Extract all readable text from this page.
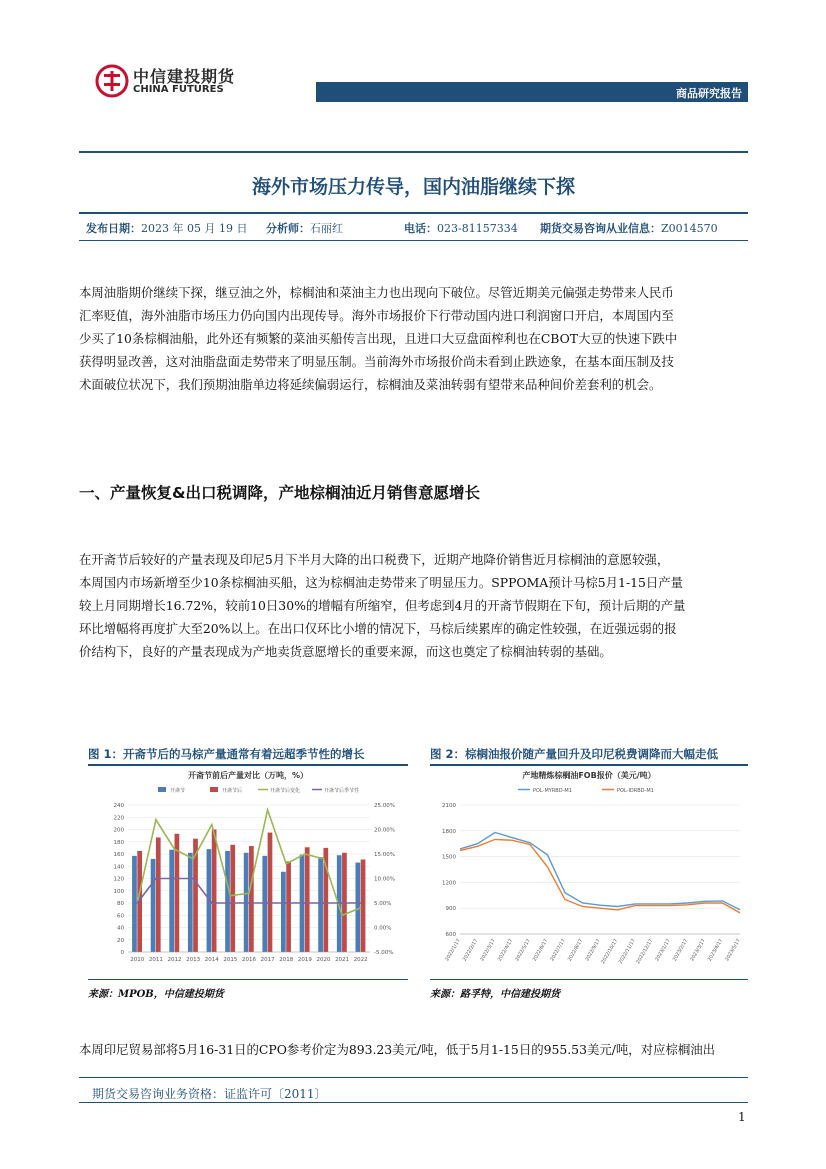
中信建投期货
CHINA FUTURES	商品研究报告
海外市场压力传导，国内油脂继续下探
发布日期：2023 年 05 月 19 日 分析师：石丽红	电话：023-81157334 期货交易咨询从业信息：Z0014570
本周油脂期价继续下探，继豆油之外，棕榈油和菜油主力也出现向下破位。尽管近期美元偏强走势带来人民币
汇率贬值，海外油脂市场压力仍向国内出现传导。海外市场报价下行带动国内进口利润窗口开启，本周国内至
少买了10条棕榈油船，此外还有频繁的菜油买船传言出现，且进口大豆盘面榨利也在CBOT大豆的快速下跌中
获得明显改善，这对油脂盘面走势带来了明显压制。当前海外市场报价尚未看到止跌迹象，在基本面压制及技
术面破位状况下，我们预期油脂单边将延续偏弱运行，棕榈油及菜油转弱有望带来品种间价差套利的机会。
一、产量恢复&出口税调降，产地棕榈油近月销售意愿增长
在开斋节后较好的产量表现及印尼5月下半月大降的出口税费下，近期产地降价销售近月棕榈油的意愿较强，
本周国内市场新增至少10条棕榈油买船，这为棕榈油走势带来了明显压力。SPPOMA预计马棕5月1-15日产量
较上月同期增长16.72%，较前10日30%的增幅有所缩窄，但考虑到4月的开斋节假期在下旬，预计后期的产量
环比增幅将再度扩大至20%以上。在出口仅环比小增的情况下，马棕后续累库的确定性较强，在近强远弱的报
价结构下，良好的产量表现成为产地卖货意愿增长的重要来源，而这也奠定了棕榈油转弱的基础。
图 1：开斋节后的马棕产量通常有着远超季节性的增长
开斋节前后产量对比（万吨，%）
开斋节	开斋节后	开斋节后变化	开斋节后季节性
0
20
40
60
80
100
120
140
160
180
200
220
240
-5.00%
0.00%
5.00%
10.00%
15.00%
20.00%
25.00%
2010 2011 2012 2013 2014 2015 2016 2017 2018 2019 2020 2021 2022
来源：MPOB，中信建投期货
图 2：棕榈油报价随产量回升及印尼税费调降而大幅走低
产地精炼棕榈油FOB报价（美元/吨）
POL-MYRBD-M1	POL-IDRBD-M1
600
900
1200
1500
1800
2100
2022/1/17 2022/2/17 2022/3/17 2022/4/17 2022/5/17 2022/6/17 2022/7/17 2022/8/17 2022/9/17 2022/10/17 2022/11/17 2022/12/17 2023/1/17 2023/2/17 2023/3/17 2023/4/17 2023/5/17
来源：路孚特，中信建投期货
本周印尼贸易部将5月16-31日的CPO参考价定为893.23美元/吨，低于5月1-15日的955.53美元/吨，对应棕榈油出
期货交易咨询业务资格：证监许可〔2011〕
1
